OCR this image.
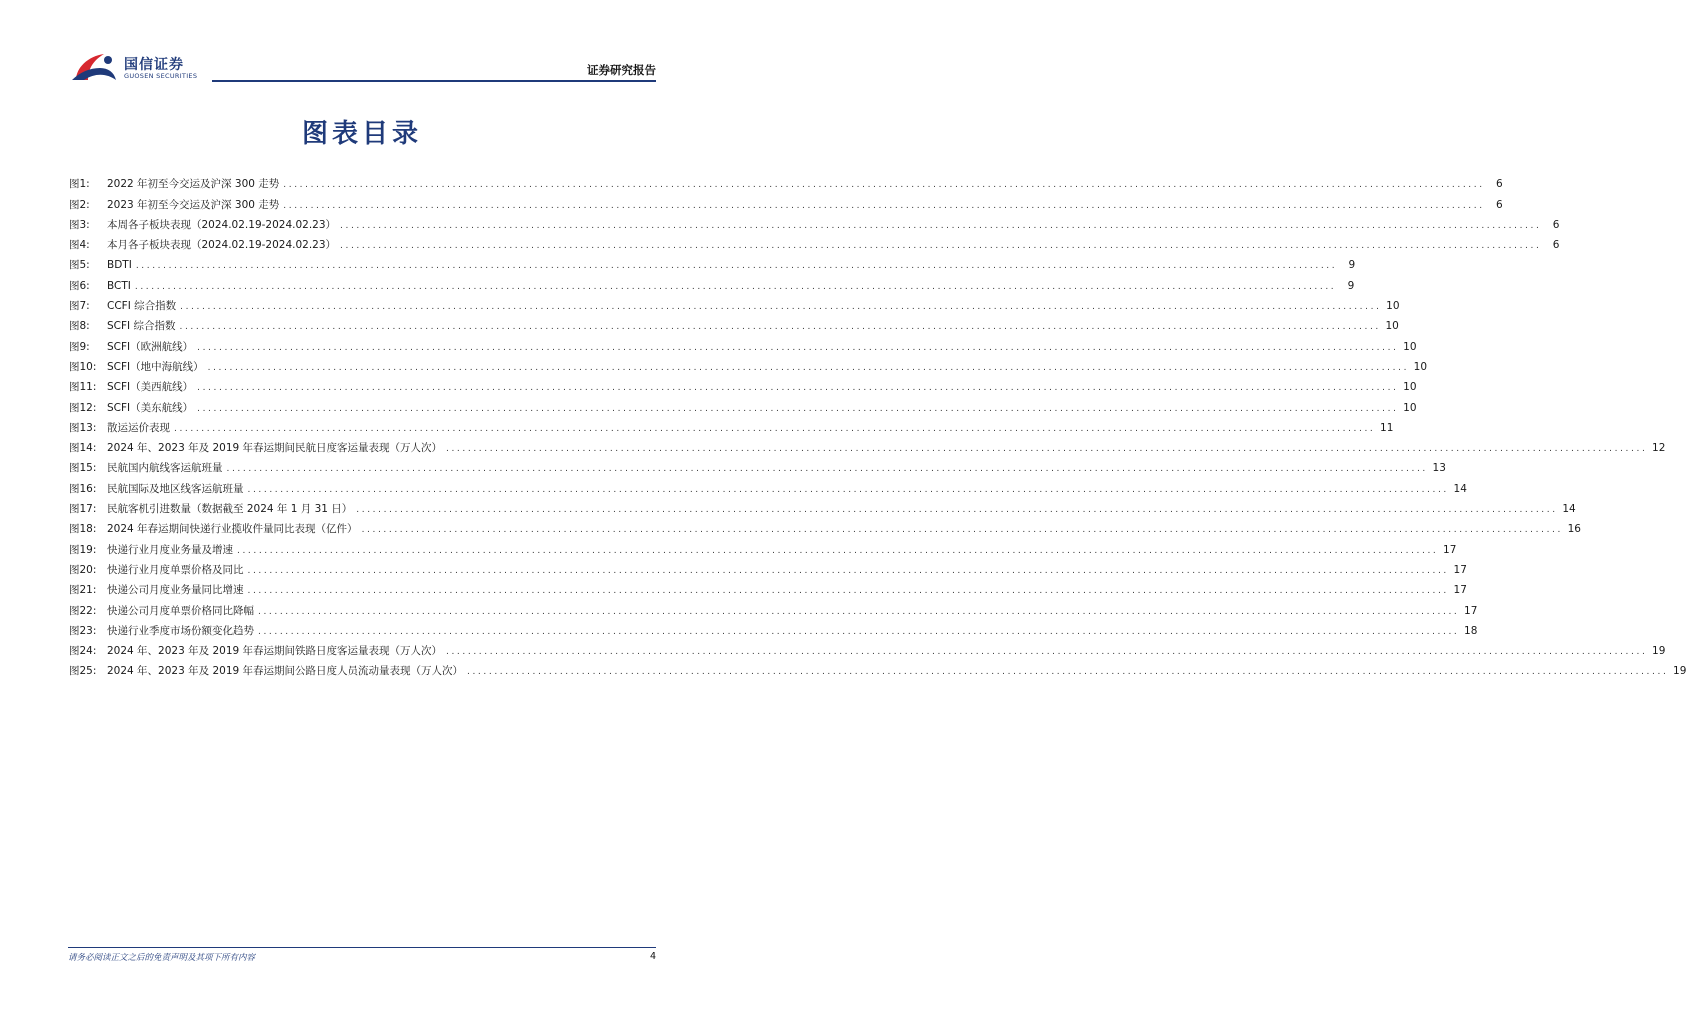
国信证券
GUOSEN SECURITIES	证券研究报告
图表目录
图1:	2022 年初至今交运及沪深 300 走势 ............................................................................................................................................................................................................................	6
图2:	2023 年初至今交运及沪深 300 走势 ............................................................................................................................................................................................................................	6
图3:	本周各子板块表现（2024.02.19-2024.02.23） ............................................................................................................................................................................................................................	6
图4:	本月各子板块表现（2024.02.19-2024.02.23） ............................................................................................................................................................................................................................	6
图5:	BDTI ............................................................................................................................................................................................................................	9
图6:	BCTI ............................................................................................................................................................................................................................	9
图7:	CCFI 综合指数 ............................................................................................................................................................................................................................ 10
图8:	SCFI 综合指数 ............................................................................................................................................................................................................................ 10
图9:	SCFI（欧洲航线） ............................................................................................................................................................................................................................ 10
图10:	SCFI（地中海航线） ............................................................................................................................................................................................................................ 10
图11:	SCFI（美西航线） ............................................................................................................................................................................................................................ 10
图12:	SCFI（美东航线） ............................................................................................................................................................................................................................ 10
图13:	散运运价表现 ............................................................................................................................................................................................................................ 11
图14:	2024 年、2023 年及 2019 年春运期间民航日度客运量表现（万人次） ............................................................................................................................................................................................................................ 12
图15:	民航国内航线客运航班量 ............................................................................................................................................................................................................................ 13
图16:	民航国际及地区线客运航班量 ............................................................................................................................................................................................................................ 14
图17:	民航客机引进数量（数据截至 2024 年 1 月 31 日） ............................................................................................................................................................................................................................ 14
图18:	2024 年春运期间快递行业揽收件量同比表现（亿件） ............................................................................................................................................................................................................................ 16
图19:	快递行业月度业务量及增速 ............................................................................................................................................................................................................................ 17
图20:	快递行业月度单票价格及同比 ............................................................................................................................................................................................................................ 17
图21:	快递公司月度业务量同比增速 ............................................................................................................................................................................................................................ 17
图22:	快递公司月度单票价格同比降幅 ............................................................................................................................................................................................................................ 17
图23:	快递行业季度市场份额变化趋势 ............................................................................................................................................................................................................................ 18
图24:	2024 年、2023 年及 2019 年春运期间铁路日度客运量表现（万人次） ............................................................................................................................................................................................................................ 19
图25:	2024 年、2023 年及 2019 年春运期间公路日度人员流动量表现（万人次） ............................................................................................................................................................................................................................ 19
请务必阅读正文之后的免责声明及其项下所有内容	4
